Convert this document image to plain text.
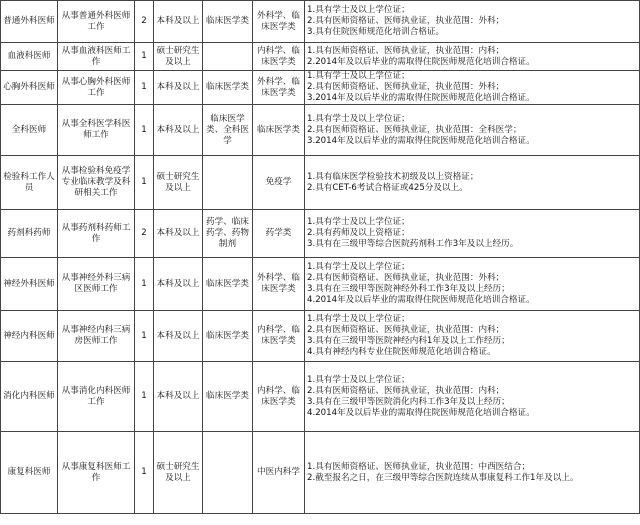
普通外科医师	从事普通外科医师工作	2	本科及以上	临床医学类	外科学、临床医学类	1.具有学士及以上学位证；
2.具有医师资格证、医师执业证，执业范围：外科；
3.具有住院医师规范化培训合格证。

血液科医师	从事血液科医师工作	1	硕士研究生及以上		内科学、临床医学类	1.具有医师资格证、医师执业证，执业范围：内科；
2.2014年及以后毕业的需取得住院医师规范化培训合格证。

心胸外科医师	从事心胸外科医师工作	1	本科及以上	临床医学类	外科学、临床医学类	1.具有学士及以上学位证；
2.具有医师资格证、医师执业证，执业范围：外科；
3.2014年及以后毕业的需取得住院医师规范化培训合格证。

全科医师	从事全科医学科医师工作	1	本科及以上	临床医学类、全科医学	临床医学类	1.具有学士及以上学位证；
2.具有医师资格证、医师执业证，执业范围：全科医学；
3.2014年及以后毕业的需取得住院医师规范化培训合格证。

检验科工作人员	从事检验科免疫学专业临床教学及科研相关工作	1	硕士研究生及以上		免疫学	1.具有临床医学检验技术初级及以上资格证；
2.具有CET-6考试合格证或425分及以上。

药剂科药师	从事药剂科药师工作	2	本科及以上	药学、临床药学、药物制剂	药学类	1.具有学士及以上学位证；
2.具有药师及以上资格证；
3.具有在三级甲等综合医院药剂科工作3年及以上经历。

神经外科医师	从事神经外科三病区医师工作	1	本科及以上	临床医学类	外科学、临床医学类	1.具有学士及以上学位证；
2.具有医师资格证、医师执业证，执业范围：外科；
3.具有在三级甲等医院神经外科工作3年及以上经历；
4.2014年及以后毕业的需取得住院医师规范化培训合格证。

神经内科医师	从事神经内科三病房医师工作	1	本科及以上	临床医学类	内科学、临床医学类	1.具有学士及以上学位证；
2.具有医师资格证、医师执业证，执业范围：内科；
3.具有在三级甲等医院神经内科1年及以上工作经历；
4.具有神经内科专业住院医师规范化培训合格证。

消化内科医师	从事消化内科医师工作	1	本科及以上	临床医学类	内科学、临床医学类	1.具有学士及以上学位证；
2.具有医师资格证、医师执业证，执业范围：内科；
3.具有在三级甲等医院消化内科工作3年及以上经历；
4.2014年及以后毕业的需取得住院医师规范化培训合格证。

康复科医师	从事康复科医师工作	1	硕士研究生及以上		中医内科学	1.具有医师资格证、医师执业证，执业范围：中西医结合；
2.截至报名之日，在三级甲等综合医院连续从事康复科工作1年及以上。
